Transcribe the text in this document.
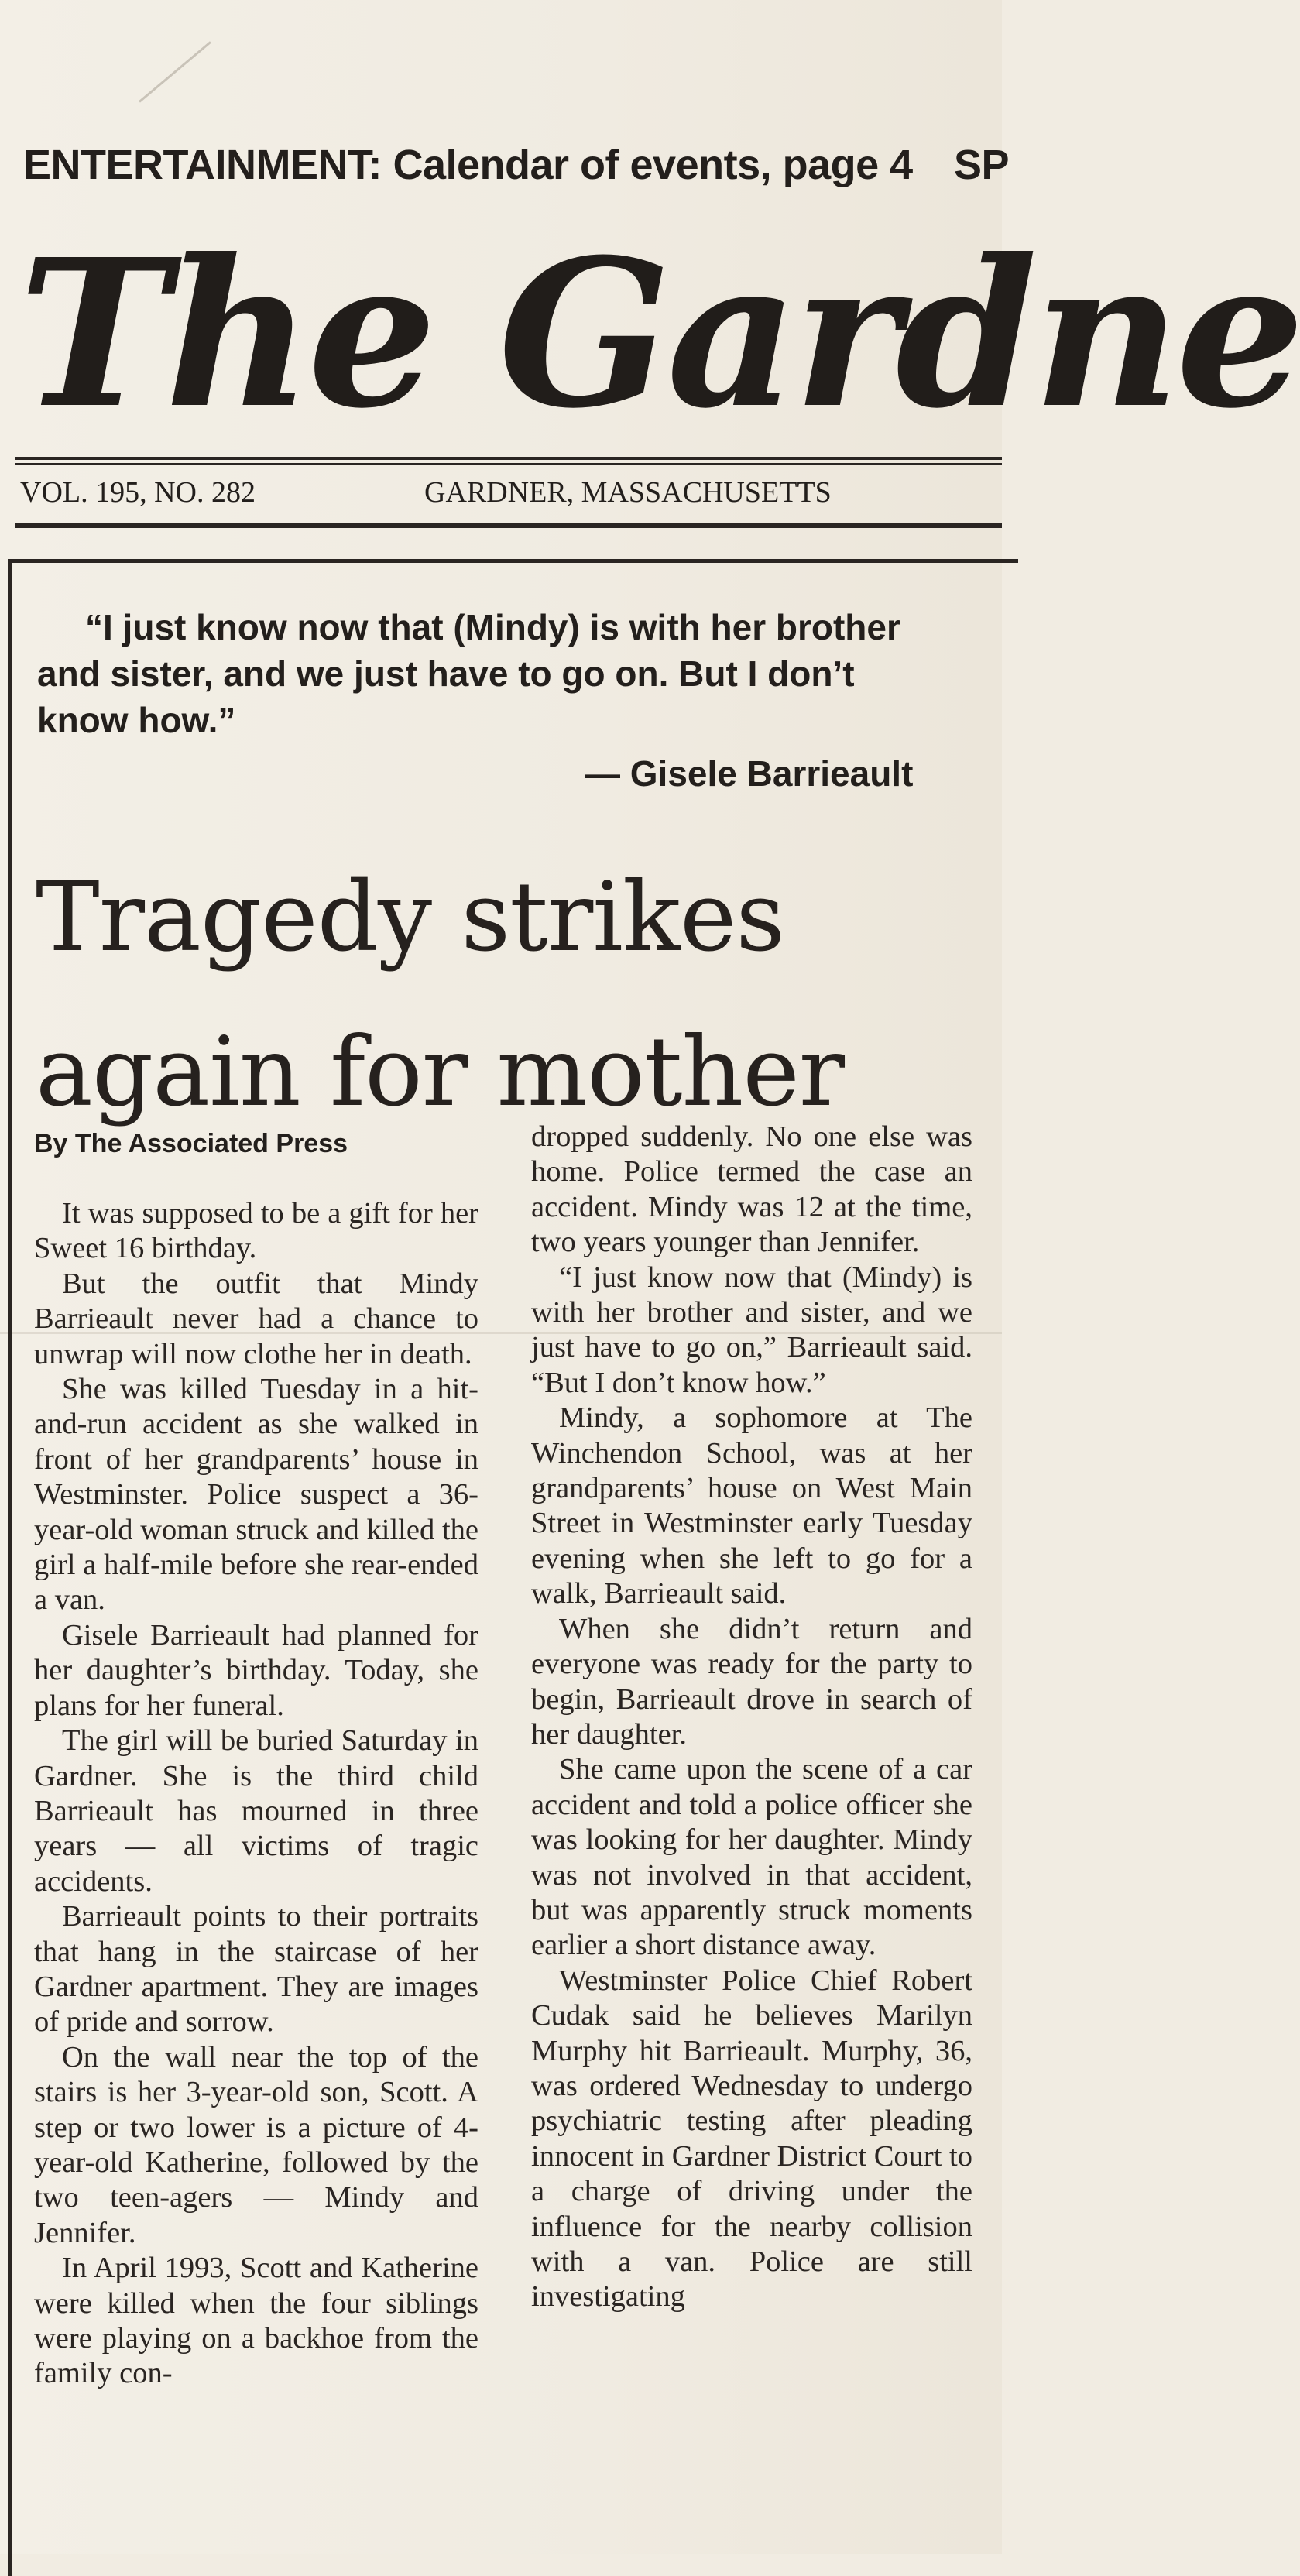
ENTERTAINMENT: Calendar of events, page 4 SP
The Gardne
VOL. 195, NO. 282	GARDNER, MASSACHUSETTS
“I just know now that (Mindy) is with her brother
and sister, and we just have to go on. But I don’t
know how.”
— Gisele Barrieault
Tragedy strikes
again for mother
By The Associated Press

It was supposed to be a gift for her Sweet 16 birthday.

But the outfit that Mindy Barrieault never had a chance to unwrap will now clothe her in death.

She was killed Tuesday in a hit-and-run accident as she walked in front of her grandparents’ house in Westminster. Police suspect a 36-year-old woman struck and killed the girl a half-mile before she rear-ended a van.

Gisele Barrieault had planned for her daughter’s birthday. Today, she plans for her funeral.

The girl will be buried Saturday in Gardner. She is the third child Barrieault has mourned in three years — all victims of tragic accidents.

Barrieault points to their portraits that hang in the staircase of her Gardner apartment. They are images of pride and sorrow.

On the wall near the top of the stairs is her 3-year-old son, Scott. A step or two lower is a picture of 4-year-old Katherine, followed by the two teen-agers — Mindy and Jennifer.

In April 1993, Scott and Katherine were killed when the four siblings were playing on a backhoe from the family con-

dropped suddenly. No one else was home. Police termed the case an accident. Mindy was 12 at the time, two years younger than Jennifer.

“I just know now that (Mindy) is with her brother and sister, and we just have to go on,” Barrieault said. “But I don’t know how.”

Mindy, a sophomore at The Winchendon School, was at her grandparents’ house on West Main Street in Westminster early Tuesday evening when she left to go for a walk, Barrieault said.

When she didn’t return and everyone was ready for the party to begin, Barrieault drove in search of her daughter.

She came upon the scene of a car accident and told a police officer she was looking for her daughter. Mindy was not involved in that accident, but was apparently struck moments earlier a short distance away.

Westminster Police Chief Robert Cudak said he believes Marilyn Murphy hit Barrieault. Murphy, 36, was ordered Wednesday to undergo psychiatric testing after pleading innocent in Gardner District Court to a charge of driving under the influence for the nearby collision with a van. Police are still investigating
